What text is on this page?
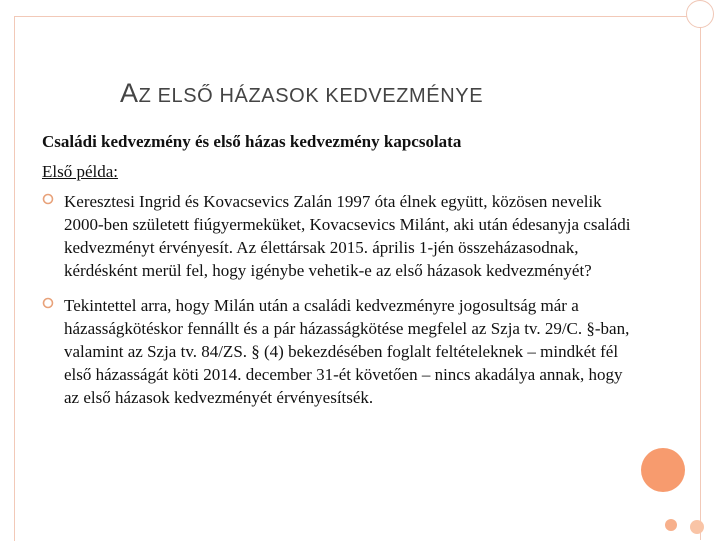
AZ ELSŐ HÁZASOK KEDVEZMÉNYE
Családi kedvezmény és első házas kedvezmény kapcsolata
Első példa:
Keresztesi Ingrid és Kovacsevics Zalán 1997 óta élnek együtt, közösen nevelik 2000-ben született fiúgyermeküket, Kovacsevics Milánt, aki után édesanyja családi kedvezményt érvényesít. Az élettársak 2015. április 1-jén összeházasodnak, kérdésként merül fel, hogy igénybe vehetik-e az első házasok kedvezményét?
Tekintettel arra, hogy Milán után a családi kedvezményre jogosultság már a házasságkötéskor fennállt és a pár házasságkötése megfelel az Szja tv. 29/C. §-ban, valamint az Szja tv. 84/ZS. § (4) bekezdésében foglalt feltételeknek – mindkét fél első házasságát köti 2014. december 31-ét követően – nincs akadálya annak, hogy az első házasok kedvezményét érvényesítsék.
